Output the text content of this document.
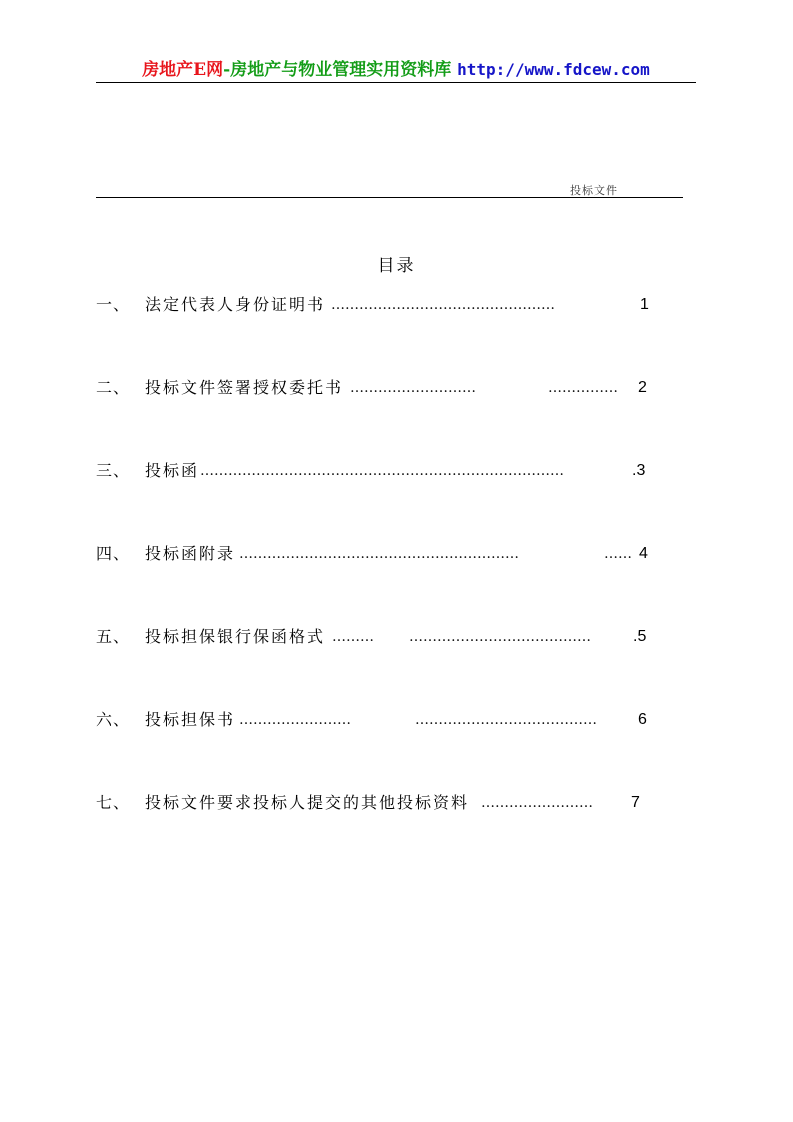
房地产E网-房地产与物业管理实用资料库 http://www.fdcew.com
投标文件
目录
一、 法定代表人身份证明书 …………………………………………	1
二、 投标文件签署授权委托书 ………………………	……………	2
三、 投标函 ……………………………………………………………………	.3
四、 投标函附录 ……………………………………………………	…… 4
五、 投标担保银行保函格式 ………	…………………………………	.5
六、 投标担保书 ……………………	…………………………………	6
七、 投标文件要求投标人提交的其他投标资料 ……………………	7
